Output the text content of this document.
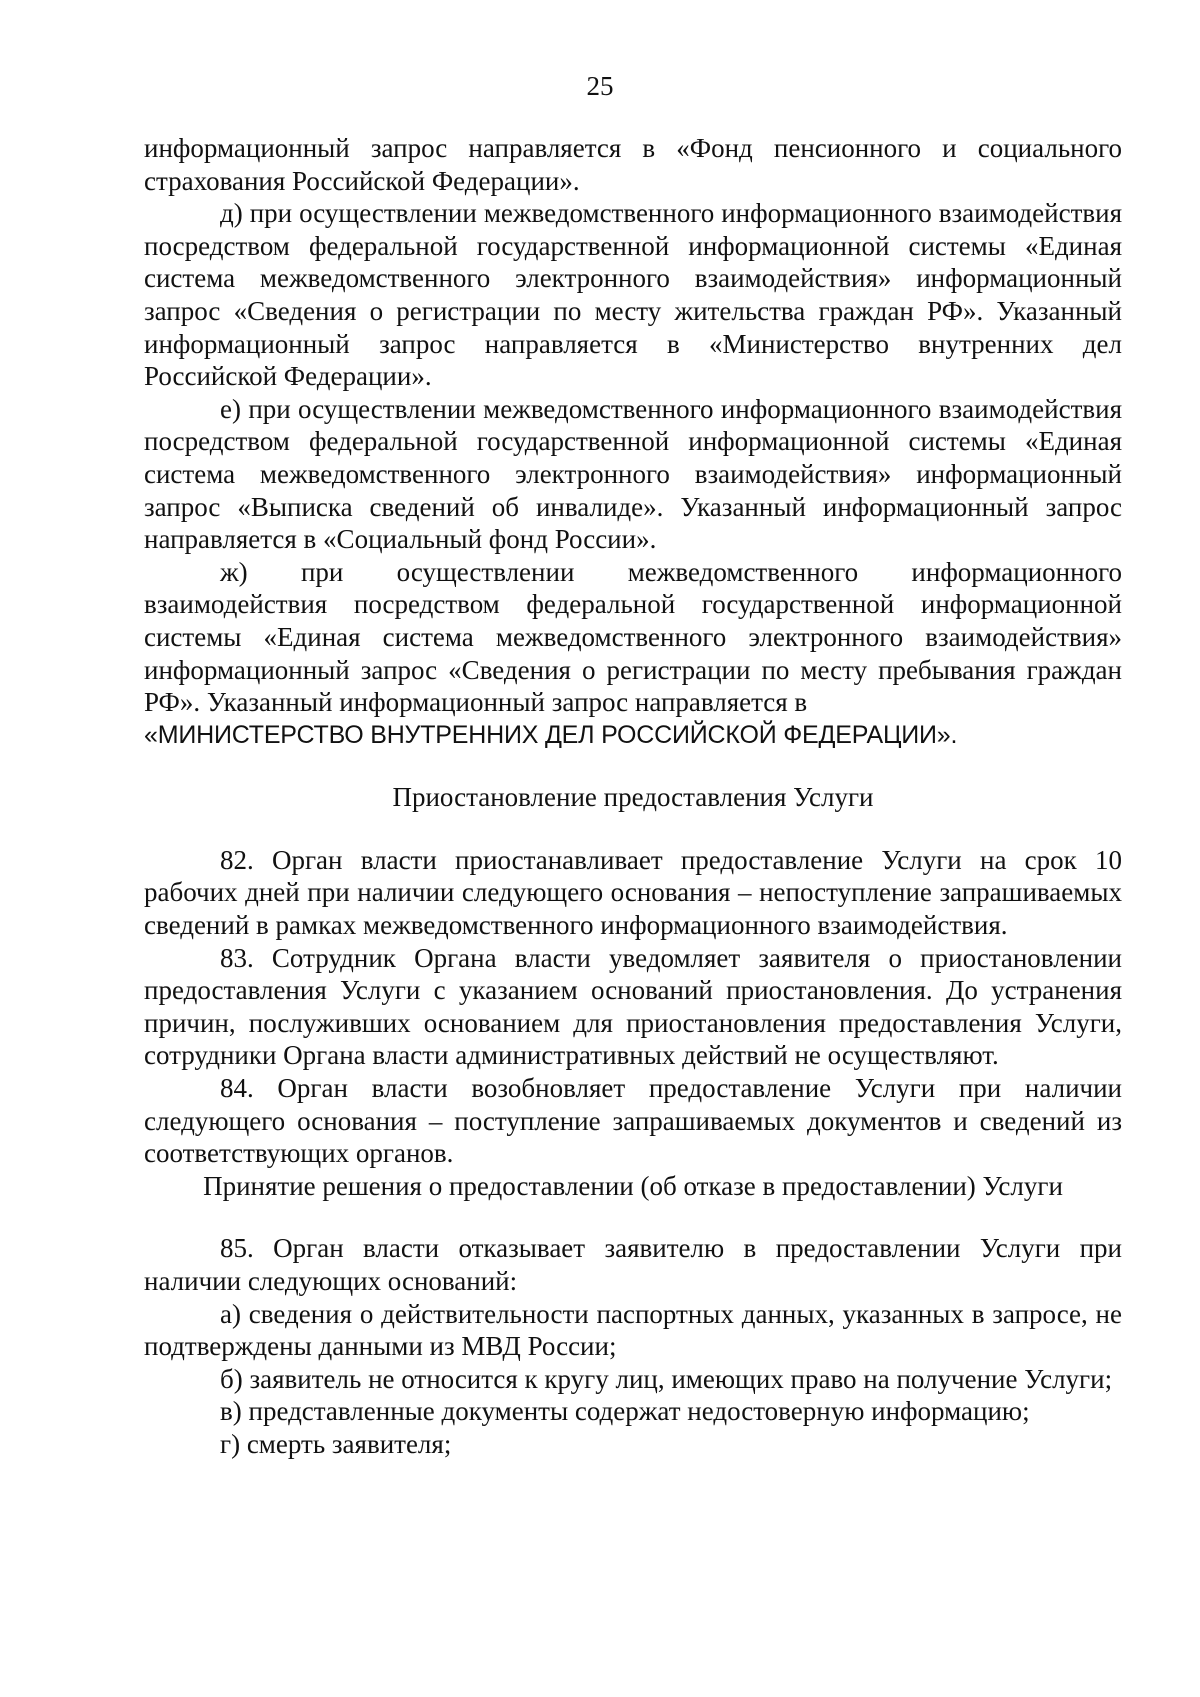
25

информационный запрос направляется в «Фонд пенсионного и социального страхования Российской Федерации».

д) при осуществлении межведомственного информационного взаимодействия посредством федеральной государственной информационной системы «Единая система межведомственного электронного взаимодействия» информационный запрос «Сведения о регистрации по месту жительства граждан РФ». Указанный информационный запрос направляется в «Министерство внутренних дел Российской Федерации».

е) при осуществлении межведомственного информационного взаимодействия посредством федеральной государственной информационной системы «Единая система межведомственного электронного взаимодействия» информационный запрос «Выписка сведений об инвалиде». Указанный информационный запрос направляется в «Социальный фонд России».

ж) при осуществлении межведомственного информационного взаимодействия посредством федеральной государственной информационной системы «Единая система межведомственного электронного взаимодействия» информационный запрос «Сведения о регистрации по месту пребывания граждан РФ». Указанный информационный запрос направляется в

«МИНИСТЕРСТВО ВНУТРЕННИХ ДЕЛ РОССИЙСКОЙ ФЕДЕРАЦИИ».

Приостановление предоставления Услуги

82. Орган власти приостанавливает предоставление Услуги на срок 10 рабочих дней при наличии следующего основания – непоступление запрашиваемых сведений в рамках межведомственного информационного взаимодействия.

83. Сотрудник Органа власти уведомляет заявителя о приостановлении предоставления Услуги с указанием оснований приостановления. До устранения причин, послуживших основанием для приостановления предоставления Услуги, сотрудники Органа власти административных действий не осуществляют.

84. Орган власти возобновляет предоставление Услуги при наличии следующего основания – поступление запрашиваемых документов и сведений из соответствующих органов.

Принятие решения о предоставлении (об отказе в предоставлении) Услуги

85. Орган власти отказывает заявителю в предоставлении Услуги при наличии следующих оснований:

а) сведения о действительности паспортных данных, указанных в запросе, не подтверждены данными из МВД России;

б) заявитель не относится к кругу лиц, имеющих право на получение Услуги;

в) представленные документы содержат недостоверную информацию;

г) смерть заявителя;
